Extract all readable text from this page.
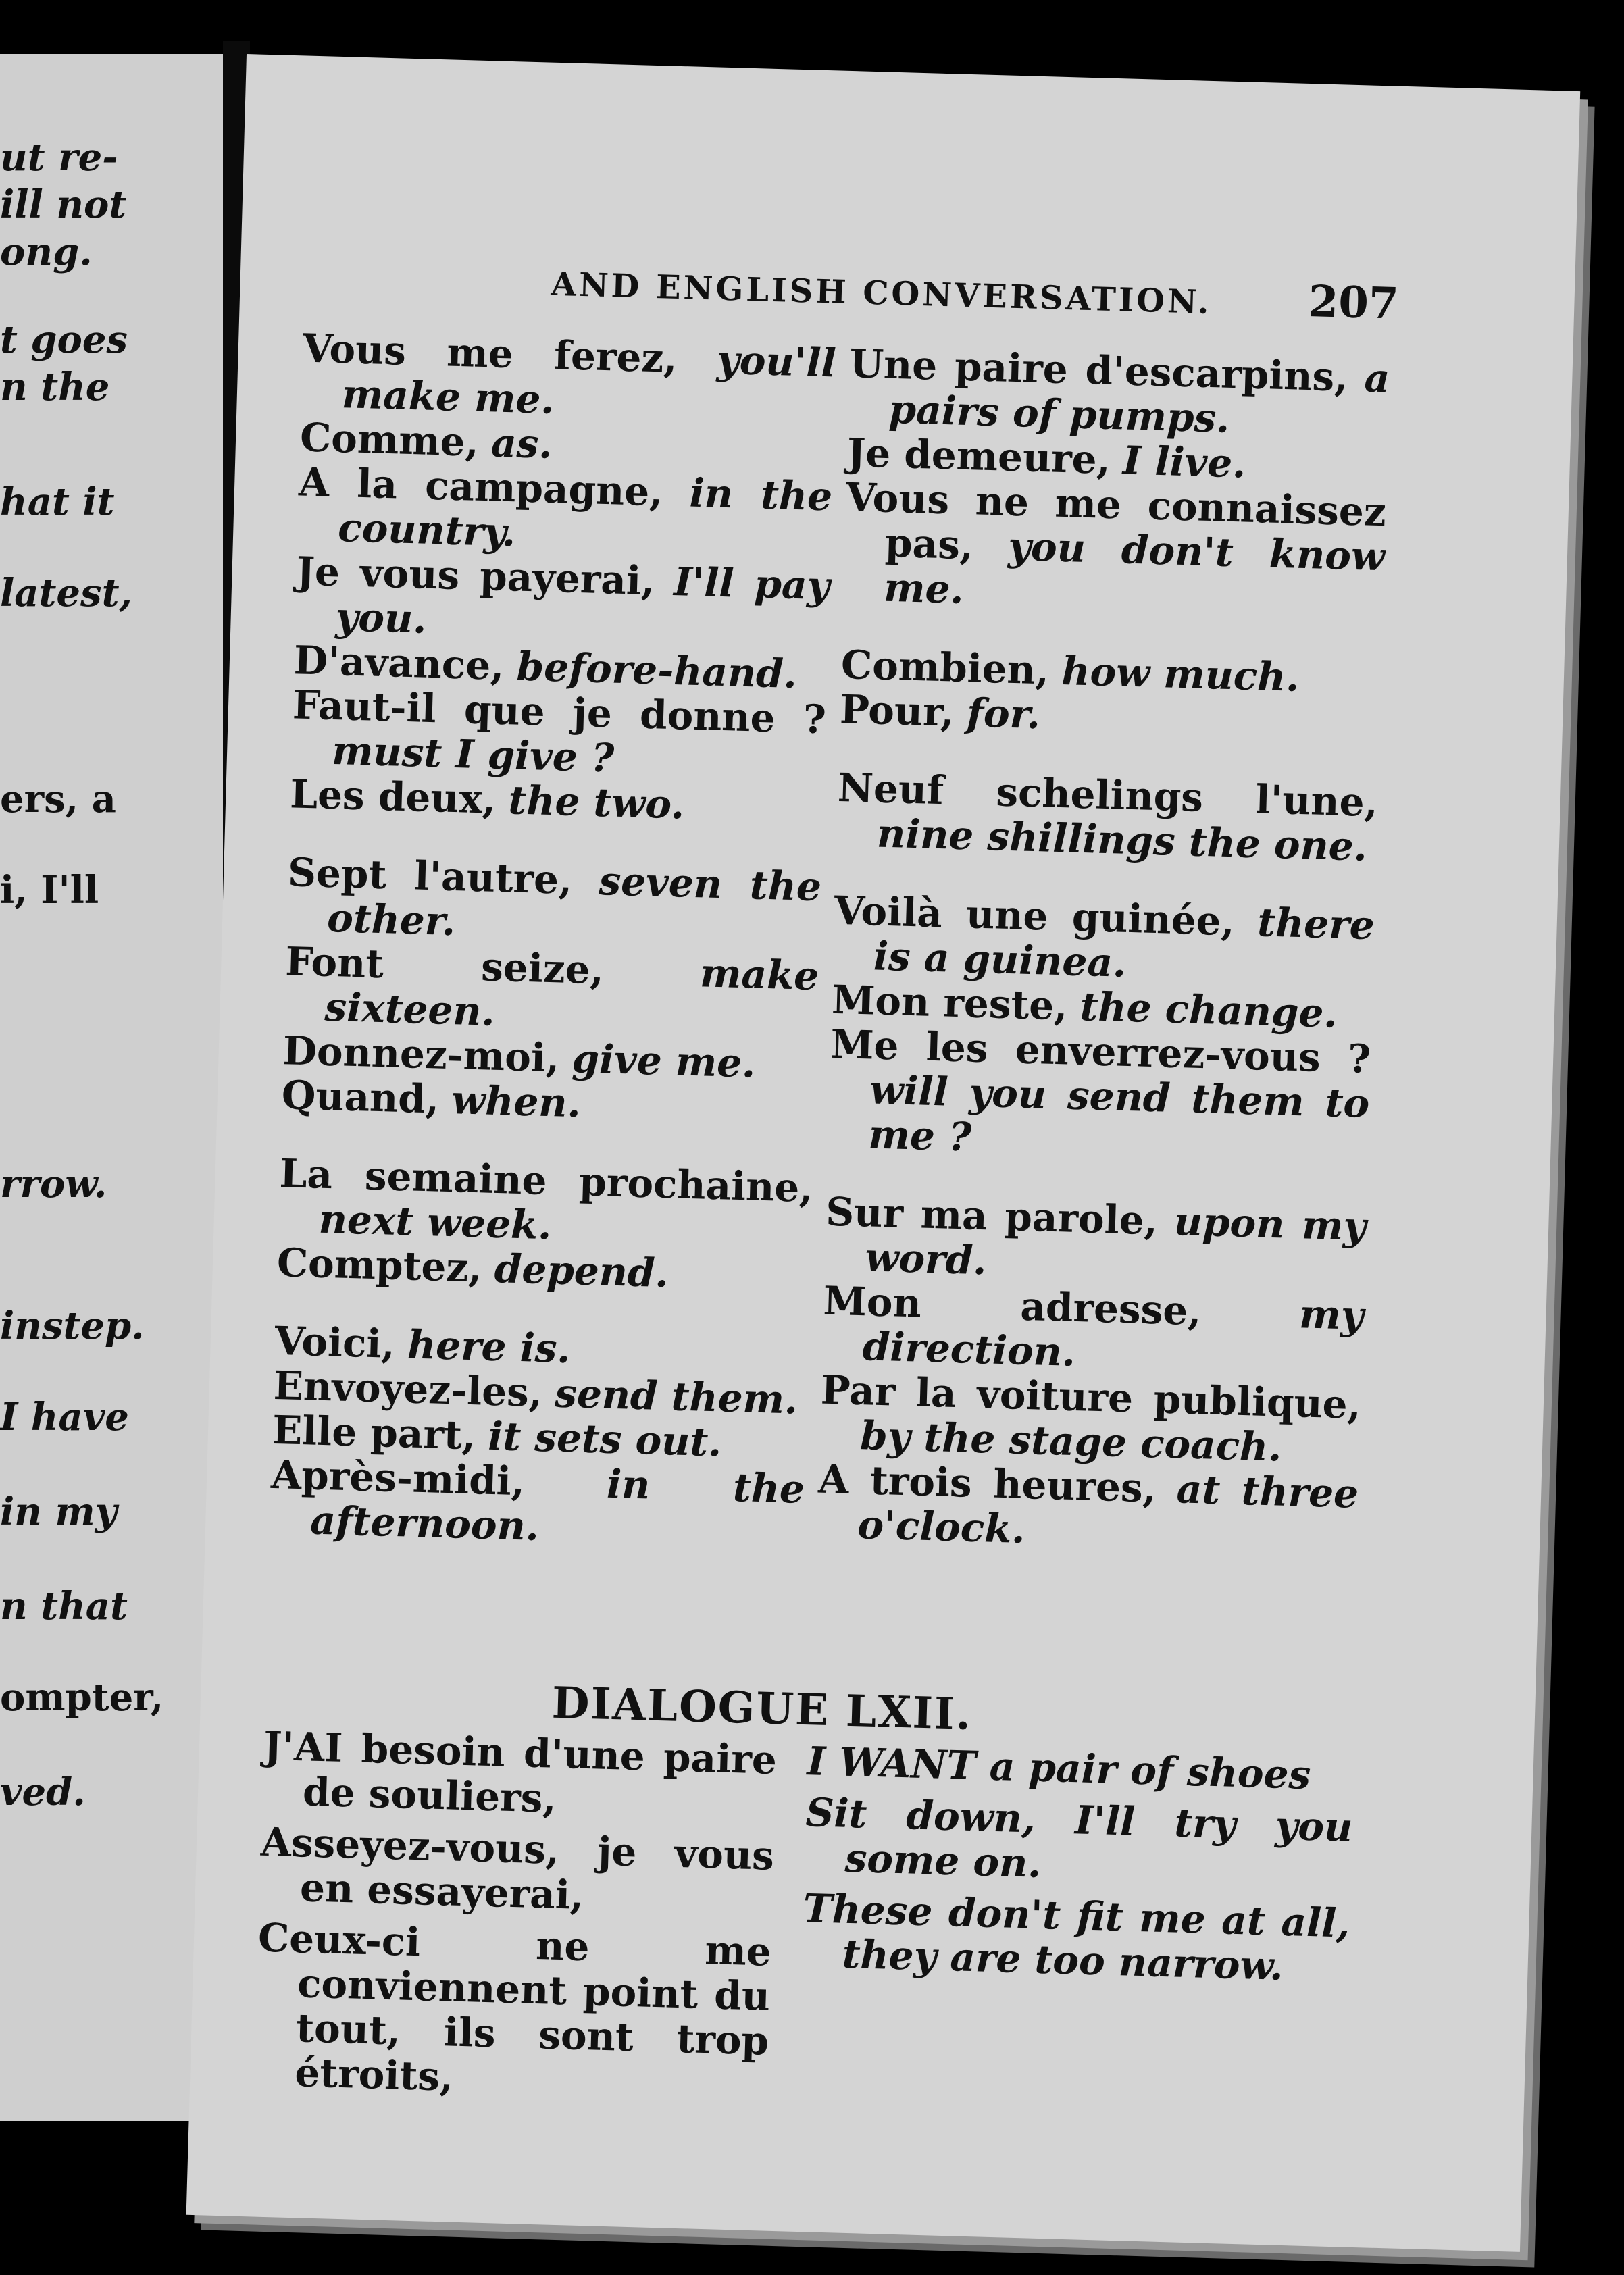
ut re-
ill not
ong.
t goes
n the
hat it
latest,
ers, a
i, I'll
rrow.
instep.
I have
in my
n that
ompter,
ved.
AND ENGLISH CONVERSATION. 207

Vous me ferez, you'll make me.

Comme, as.

A la campagne, in the country.

Je vous payerai, I'll pay you.

D'avance, before-hand.

Faut-il que je donne ? must I give ?

Les deux, the two.

Sept l'autre, seven the other.

Font seize, make sixteen.

Donnez-moi, give me.

Quand, when.

La semaine prochaine, next week.

Comptez, depend.

Voici, here is.

Envoyez-les, send them.

Elle part, it sets out.

Après-midi, in the afternoon.

Une paire d'escarpins, a pairs of pumps.

Je demeure, I live.

Vous ne me connaissez pas, you don't know me.

Combien, how much.

Pour, for.

Neuf schelings l'une, nine shillings the one.

Voilà une guinée, there is a guinea.

Mon reste, the change.

Me les enverrez-vous ? will you send them to me ?

Sur ma parole, upon my word.

Mon adresse, my direction.

Par la voiture publique, by the stage coach.

A trois heures, at three o'clock.

DIALOGUE LXII.

J'AI besoin d'une paire de souliers,

Asseyez-vous, je vous en essayerai,

Ceux-ci ne me conviennent point du tout, ils sont trop étroits,

I WANT a pair of shoes

Sit down, I'll try you some on.

These don't fit me at all, they are too narrow.
